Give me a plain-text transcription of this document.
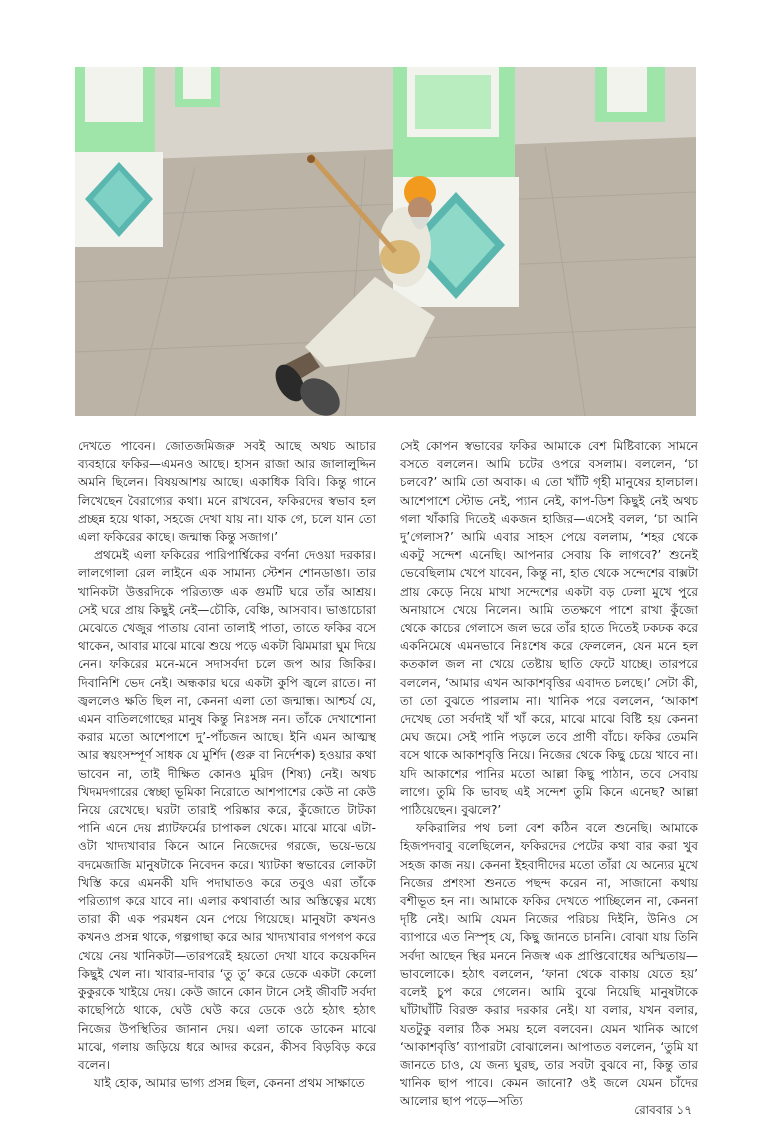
দেখতে পাবেন। জোতজমিজরু সবই আছে অথচ আচার ব্যবহারে ফকির—এমনও আছে। হাসন রাজা আর জালালুদ্দিন অমনি ছিলেন। বিষয়আশয় আছে। একাধিক বিবি। কিন্তু গানে লিখেছেন বৈরাগ্যের কথা। মনে রাখবেন, ফকিরদের স্বভাব হল প্রচ্ছন্ন হয়ে থাকা, সহজে দেখা যায় না। যাক গে, চলে যান তো এলা ফকিরের কাছে। জন্মান্ধ কিন্তু সজাগ।’

প্রথমেই এলা ফকিরের পারিপার্শ্বিকের বর্ণনা দেওয়া দরকার। লালগোলা রেল লাইনে এক সামান্য স্টেশন শোনডাঙা। তার খানিকটা উত্তরদিকে পরিত্যক্ত এক গুমটি ঘরে তাঁর আশ্রয়। সেই ঘরে প্রায় কিছুই নেই—চৌকি, বেঞ্চি, আসবাব। ভাঙাচোরা মেঝেতে খেজুর পাতায় বোনা তালাই পাতা, তাতে ফকির বসে থাকেন, আবার মাঝে মাঝে শুয়ে পড়ে একটা ঝিমমারা ঘুম দিয়ে নেন। ফকিরের মনে-মনে সদাসর্বদা চলে জপ আর জিকির। দিবানিশি ভেদ নেই। অন্ধকার ঘরে একটা কুপি জ্বলে রাতে। না জ্বললেও ক্ষতি ছিল না, কেননা এলা তো জন্মান্ধ। আশ্চর্য যে, এমন বাতিলগোছের মানুষ কিন্তু নিঃসঙ্গ নন। তাঁকে দেখাশোনা করার মতো আশেপাশে দু’-পাঁচজন আছে। ইনি এমন আত্মস্থ আর স্বয়ংসম্পূর্ণ সাধক যে মুর্শিদ (গুরু বা নির্দেশক) হওয়ার কথা ভাবেন না, তাই দীক্ষিত কোনও মুরিদ (শিষ্য) নেই। অথচ খিদমদগারের স্বেচ্ছা ভূমিকা নিরোতে আশপাশের কেউ না কেউ নিয়ে রেখেছে। ঘরটা তারাই পরিষ্কার করে, কুঁজোতে টাটকা পানি এনে দেয় প্ল্যাটফর্মের চাপাকল থেকে। মাঝে মাঝে এটা-ওটা খাদ্যখাবার কিনে আনে নিজেদের গরজে, ভয়ে-ভয়ে বদমেজাজি মানুষটাকে নিবেদন করে। খ্যাটকা স্বভাবের লোকটা খিস্তি করে এমনকী যদি পদাঘাতও করে তবুও এরা তাঁকে পরিত্যাগ করে যাবে না। এলার কথাবার্তা আর অস্তিত্বের মধ্যে তারা কী এক পরমধন যেন পেয়ে গিয়েছে। মানুষটা কখনও কখনও প্রসন্ন থাকে, গল্পগাছা করে আর খাদ্যখাবার গপগপ করে খেয়ে নেয় খানিকটা—তারপরেই হয়তো দেখা যাবে কয়েকদিন কিছুই খেল না। খাবার-দাবার ‘তু তু’ করে ডেকে একটা কেলো কুকুরকে খাইয়ে দেয়। কেউ জানে কোন টানে সেই জীবটি সর্বদা কাছেপিঠে থাকে, ঘেউ ঘেউ করে ডেকে ওঠে হঠাৎ হঠাৎ নিজের উপস্থিতির জানান দেয়। এলা তাকে ডাকেন মাঝে মাঝে, গলায় জড়িয়ে ধরে আদর করেন, কীসব বিড়বিড় করে বলেন।

যাই হোক, আমার ভাগ্য প্রসন্ন ছিল, কেননা প্রথম সাক্ষাতে

সেই কোপন স্বভাবের ফকির আমাকে বেশ মিষ্টিবাক্যে সামনে বসতে বললেন। আমি চটের ওপরে বসলাম। বললেন, ‘চা চলবে?’ আমি তো অবাক। এ তো খাঁটি গৃহী মানুষের হালচাল। আশেপাশে স্টোভ নেই, প্যান নেই, কাপ-ডিশ কিছুই নেই অথচ গলা খাঁকারি দিতেই একজন হাজির—এসেই বলল, ‘চা আনি দু’গেলাস?’ আমি এবার সাহস পেয়ে বললাম, ‘শহর থেকে একটু সন্দেশ এনেছি। আপনার সেবায় কি লাগবে?’ শুনেই ভেবেছিলাম খেপে যাবেন, কিন্তু না, হাত থেকে সন্দেশের বাক্সটা প্রায় কেড়ে নিয়ে মাখা সন্দেশের একটা বড় ঢেলা মুখে পুরে অনায়াসে খেয়ে নিলেন। আমি ততক্ষণে পাশে রাখা কুঁজো থেকে কাচের গেলাসে জল ভরে তাঁর হাতে দিতেই ঢকঢক করে একনিমেষে এমনভাবে নিঃশেষ করে ফেললেন, যেন মনে হল কতকাল জল না খেয়ে তেষ্টায় ছাতি ফেটে যাচ্ছে। তারপরে বললেন, ‘আমার এখন আকাশবৃত্তির এবাদত চলছে।’ সেটা কী, তা তো বুঝতে পারলাম না। খানিক পরে বললেন, ‘আকাশ দেখেছ তো সর্বদাই খাঁ খাঁ করে, মাঝে মাঝে বিষ্টি হয় কেননা মেঘ জমে। সেই পানি পড়লে তবে প্রাণী বাঁচে। ফকির তেমনি বসে থাকে আকাশবৃত্তি নিয়ে। নিজের থেকে কিছু চেয়ে খাবে না। যদি আকাশের পানির মতো আল্লা কিছু পাঠান, তবে সেবায় লাগে। তুমি কি ভাবছ এই সন্দেশ তুমি কিনে এনেছ? আল্লা পাঠিয়েছেন। বুঝলে?’

ফকিরালির পথ চলা বেশ কঠিন বলে শুনেছি। আমাকে হিজপদবাবু বলেছিলেন, ফকিরদের পেটের কথা বার করা খুব সহজ কাজ নয়। কেননা ইহবাদীদের মতো তাঁরা যে অন্যের মুখে নিজের প্রশংসা শুনতে পছন্দ করেন না, সাজানো কথায় বশীভূত হন না। আমাকে ফকির দেখতে পাচ্ছিলেন না, কেননা দৃষ্টি নেই। আমি যেমন নিজের পরিচয় দিইনি, উনিও সে ব্যাপারে এত নিস্পৃহ যে, কিছু জানতে চাননি। বোঝা যায় তিনি সর্বদা আছেন স্থির মননে নিজস্ব এক প্রাপ্তিবোধের অস্মিতায়—ভাবলোকে। হঠাৎ বললেন, ‘ফানা থেকে বাকায় যেতে হয়’ বলেই চুপ করে গেলেন। আমি বুঝে নিয়েছি মানুষটাকে ঘাঁটাঘাঁটি বিরক্ত করার দরকার নেই। যা বলার, যখন বলার, যতটুকু বলার ঠিক সময় হলে বলবেন। যেমন খানিক আগে ‘আকাশবৃত্তি’ ব্যাপারটা বোঝালেন। আপাতত বললেন, ‘তুমি যা জানতে চাও, যে জন্য ঘুরছ, তার সবটা বুঝবে না, কিন্তু তার খানিক ছাপ পাবে। কেমন জানো? ওই জলে যেমন চাঁদের আলোর ছাপ পড়ে—সত্যি

রোববার ১৭
